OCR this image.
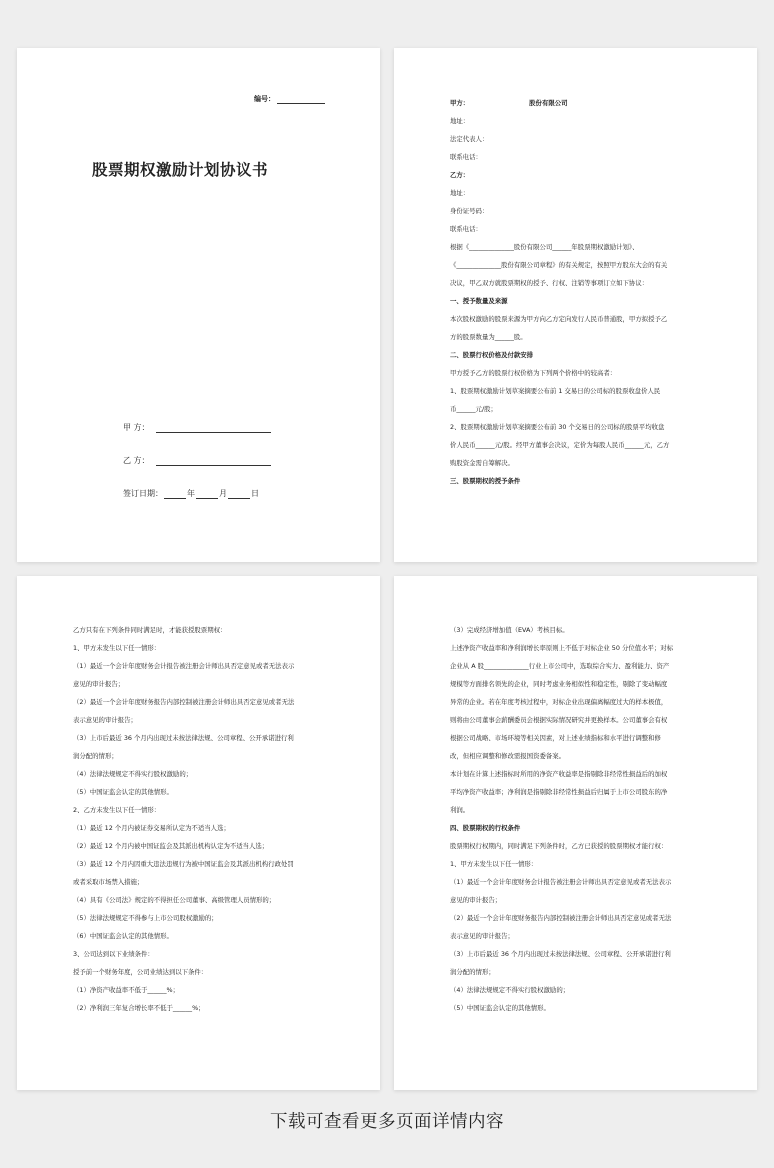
编号：
股票期权激励计划协议书
甲 方：
乙 方：
签订日期：	年	月	日
甲方：	股份有限公司
地址：
法定代表人：
联系电话：
乙方：
地址：
身份证号码：
联系电话：
根据《______________股份有限公司______年股票期权激励计划》、
《______________股份有限公司章程》的有关规定，按照甲方股东大会的有关
决议，甲乙双方就股票期权的授予、行权、注销等事项订立如下协议：
一、授予数量及来源
本次股权激励的股票来源为甲方向乙方定向发行人民币普通股，甲方拟授予乙
方的股票数量为______股。
二、股票行权价格及付款安排
甲方授予乙方的股票行权价格为下列两个价格中的较高者：
1、股票期权激励计划草案摘要公布前 1 交易日的公司标的股票收盘价人民
币______元/股；
2、股票期权激励计划草案摘要公布前 30 个交易日的公司标的股票平均收盘
价人民币______元/股。经甲方董事会决议，定价为每股人民币______元，乙方
购股资金需自筹解决。
三、股票期权的授予条件
乙方只有在下列条件同时满足时，才能获授股票期权：
1、甲方未发生以下任一情形：
（1）最近一个会计年度财务会计报告被注册会计师出具否定意见或者无法表示
意见的审计报告；
（2）最近一个会计年度财务报告内部控制被注册会计师出具否定意见或者无法
表示意见的审计报告；
（3）上市后最近 36 个月内出现过未按法律法规、公司章程、公开承诺进行利
润分配的情形；
（4）法律法规规定不得实行股权激励的；
（5）中国证监会认定的其他情形。
2、乙方未发生以下任一情形：
（1）最近 12 个月内被证券交易所认定为不适当人选；
（2）最近 12 个月内被中国证监会及其派出机构认定为不适当人选；
（3）最近 12 个月内因重大违法违规行为被中国证监会及其派出机构行政处罚
或者采取市场禁入措施；
（4）具有《公司法》规定的不得担任公司董事、高级管理人员情形的；
（5）法律法规规定不得参与上市公司股权激励的；
（6）中国证监会认定的其他情形。
3、公司达到以下业绩条件：
授予前一个财务年度，公司业绩达到以下条件：
（1）净资产收益率不低于______%；
（2）净利润三年复合增长率不低于______%；
（3）完成经济增加值（EVA）考核目标。
上述净资产收益率和净利润增长率原则上不低于对标企业 50 分位值水平；对标
企业从 A 股______________行业上市公司中，选取综合实力、盈利能力、资产
规模等方面排名领先的企业，同时考虑业务相似性和稳定性，剔除了变动幅度
异常的企业。若在年度考核过程中，对标企业出现偏离幅度过大的样本极值，
则将由公司董事会薪酬委员会根据实际情况研究并更换样本。公司董事会有权
根据公司战略、市场环境等相关因素，对上述业绩指标和水平进行调整和修
改，但相应调整和修改需报国资委备案。
本计划在计算上述指标时所用的净资产收益率是指剔除非经常性损益后的加权
平均净资产收益率；净利润是指剔除非经常性损益后归属于上市公司股东的净
利润。
四、股票期权的行权条件
股票期权行权期内，同时满足下列条件时，乙方已获授的股票期权才能行权：
1、甲方未发生以下任一情形：
（1）最近一个会计年度财务会计报告被注册会计师出具否定意见或者无法表示
意见的审计报告；
（2）最近一个会计年度财务报告内部控制被注册会计师出具否定意见或者无法
表示意见的审计报告；
（3）上市后最近 36 个月内出现过未按法律法规、公司章程、公开承诺进行利
润分配的情形；
（4）法律法规规定不得实行股权激励的；
（5）中国证监会认定的其他情形。
下载可查看更多页面详情内容
